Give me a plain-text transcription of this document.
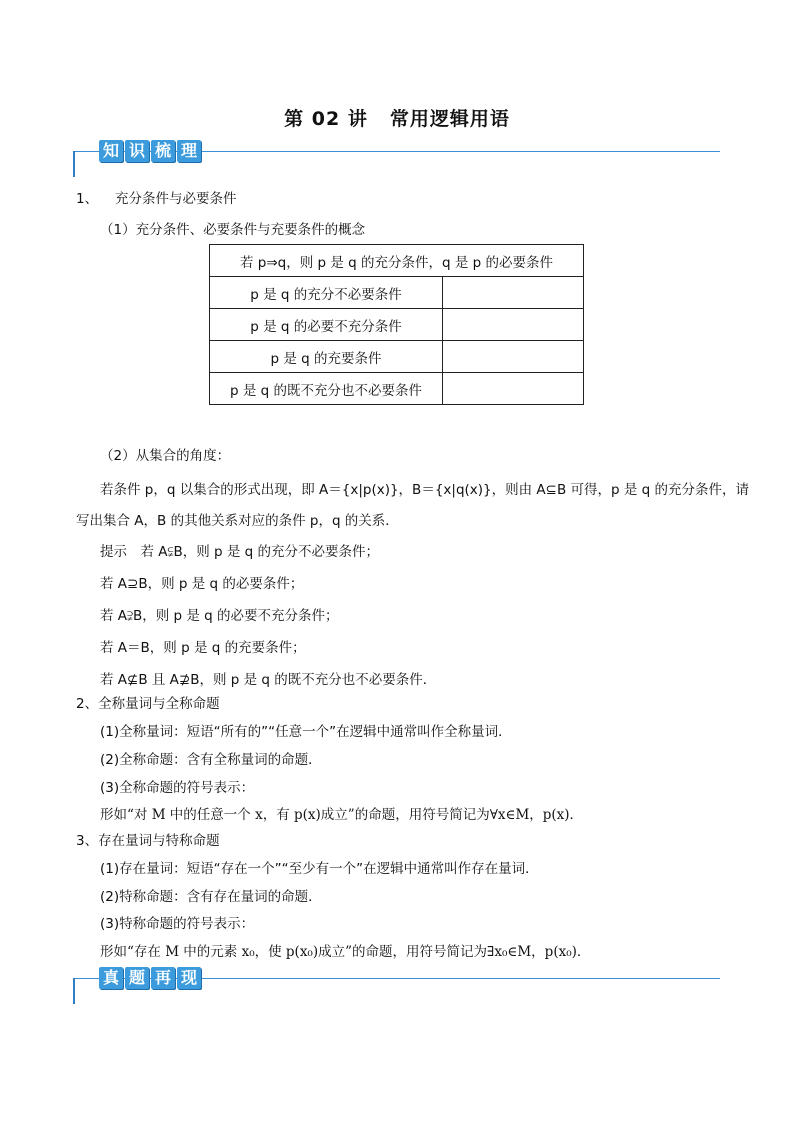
第 02 讲 常用逻辑用语
知 识 梳 理
1、 充分条件与必要条件
（1）充分条件、必要条件与充要条件的概念
若 p⇒q，则 p 是 q 的充分条件，q 是 p 的必要条件	
p 是 q 的充分不必要条件	
p 是 q 的必要不充分条件	
p 是 q 的充要条件	
p 是 q 的既不充分也不必要条件	
（2）从集合的角度：
若条件 p，q 以集合的形式出现，即 A＝{x|p(x)}，B＝{x|q(x)}，则由 A⊆B 可得，p 是 q 的充分条件，请
写出集合 A，B 的其他关系对应的条件 p，q 的关系．
提示　若 A⫋B，则 p 是 q 的充分不必要条件；
若 A⊇B，则 p 是 q 的必要条件；
若 A⫌B，则 p 是 q 的必要不充分条件；
若 A＝B，则 p 是 q 的充要条件；
若 A⊈B 且 A⊉B，则 p 是 q 的既不充分也不必要条件．
2、全称量词与全称命题
(1)全称量词：短语“所有的”“任意一个”在逻辑中通常叫作全称量词．
(2)全称命题：含有全称量词的命题．
(3)全称命题的符号表示：
形如“对 M 中的任意一个 x，有 p(x)成立”的命题，用符号简记为∀x∈M，p(x)．
3、存在量词与特称命题
(1)存在量词：短语“存在一个”“至少有一个”在逻辑中通常叫作存在量词．
(2)特称命题：含有存在量词的命题．
(3)特称命题的符号表示：
形如“存在 M 中的元素 x₀，使 p(x₀)成立”的命题，用符号简记为∃x₀∈M，p(x₀)．
真 题 再 现
